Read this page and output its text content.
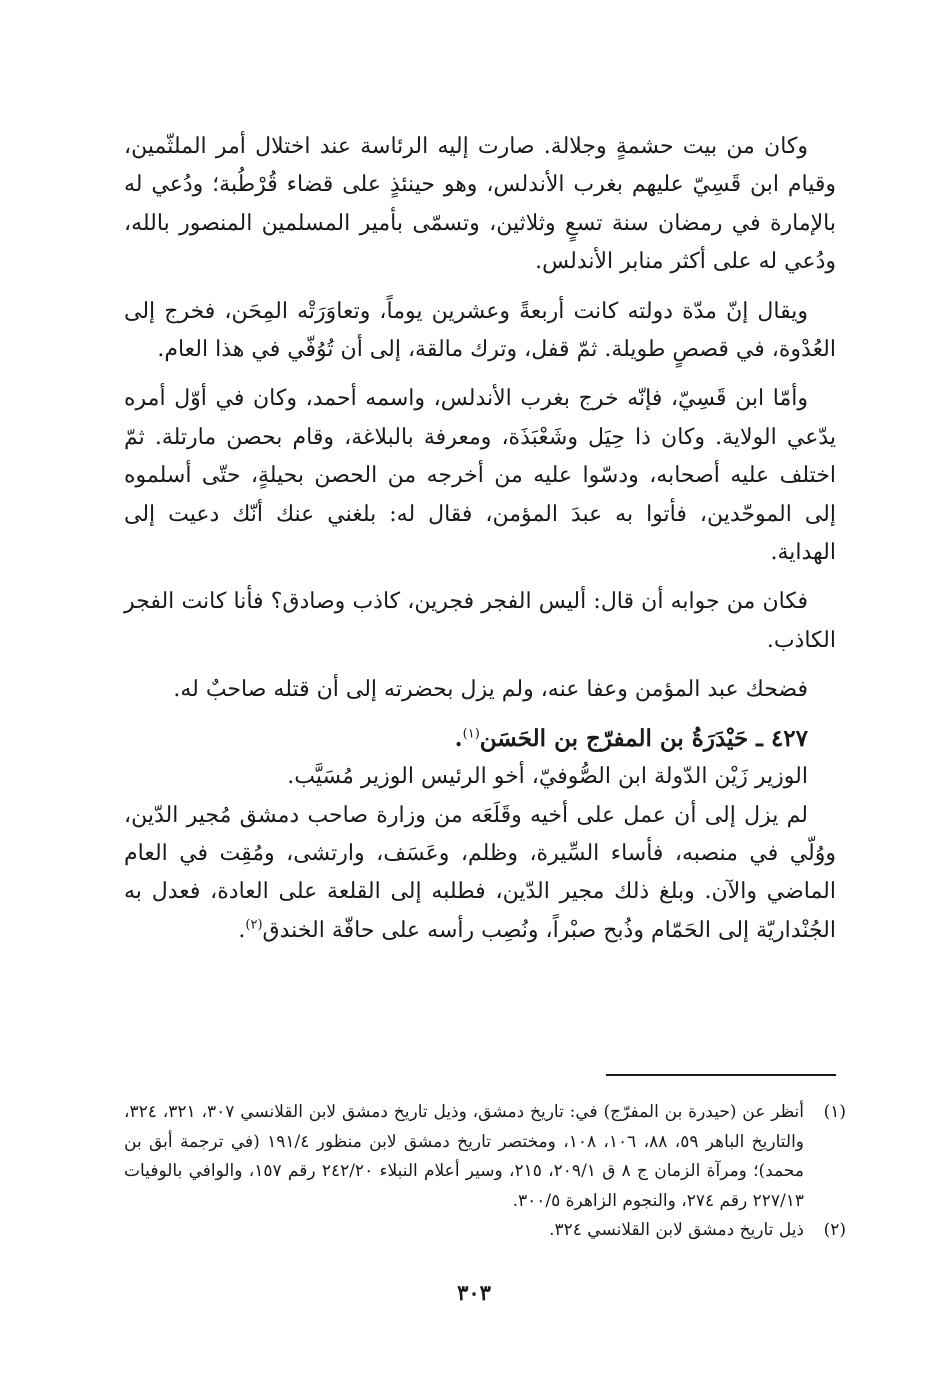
وكان من بيت حشمةٍ وجلالة. صارت إليه الرئاسة عند اختلال أمر الملثّمين، وقيام ابن قَسِيّ عليهم بغرب الأندلس، وهو حينئذٍ على قضاء قُرْطُبة؛ ودُعي له بالإمارة في رمضان سنة تسعٍ وثلاثين، وتسمّى بأمير المسلمين المنصور بالله، ودُعي له على أكثر منابر الأندلس.

ويقال إنّ مدّة دولته كانت أربعةً وعشرين يوماً، وتعاوَرَتْه المِحَن، فخرج إلى العُدْوة، في قصصٍ طويلة. ثمّ قفل، وترك مالقة، إلى أن تُوُفّي في هذا العام.

وأمّا ابن قَسِيّ، فإنّه خرج بغرب الأندلس، واسمه أحمد، وكان في أوّل أمره يدّعي الولاية. وكان ذا حِيَل وشَعْبَذَة، ومعرفة بالبلاغة، وقام بحصن مارتلة. ثمّ اختلف عليه أصحابه، ودسّوا عليه من أخرجه من الحصن بحيلةٍ، حتّى أسلموه إلى الموحّدين، فأتوا به عبدَ المؤمن، فقال له: بلغني عنك أنّك دعيت إلى الهداية.

فكان من جوابه أن قال: أليس الفجر فجرين، كاذب وصادق؟ فأنا كانت الفجر الكاذب.

فضحك عبد المؤمن وعفا عنه، ولم يزل بحضرته إلى أن قتله صاحبٌ له.

٤٢٧ ـ حَيْدَرَةُ بن المفرّج بن الحَسَن$^{(١)}$.

الوزير زَيْن الدّولة ابن الصُّوفيّ، أخو الرئيس الوزير مُسَيَّب.

لم يزل إلى أن عمل على أخيه وقَلَعَه من وزارة صاحب دمشق مُجير الدّين، ووُلّي في منصبه، فأساء السِّيرة، وظلم، وعَسَف، وارتشى، ومُقِت في العام الماضي والآن. وبلغ ذلك مجير الدّين، فطلبه إلى القلعة على العادة، فعدل به الجُنْداريّة إلى الحَمّام وذُبح صبْراً، ونُصِب رأسه على حافّة الخندق$^{(٢)}$.

(١)
أنظر عن (حيدرة بن المفرّج) في: تاريخ دمشق، وذيل تاريخ دمشق لابن القلانسي ٣٠٧، ٣٢١، ٣٢٤، والتاريخ الباهر ٥٩، ٨٨، ١٠٦، ١٠٨، ومختصر تاريخ دمشق لابن منظور ١٩١/٤ (في ترجمة أبق بن محمد)؛ ومرآة الزمان ج ٨ ق ٢٠٩/١، ٢١٥، وسير أعلام النبلاء ٢٤٢/٢٠ رقم ١٥٧، والوافي بالوفيات ٢٢٧/١٣ رقم ٢٧٤، والنجوم الزاهرة ٣٠٠/٥.
(٢)
ذيل تاريخ دمشق لابن القلانسي ٣٢٤.
٣٠٣
